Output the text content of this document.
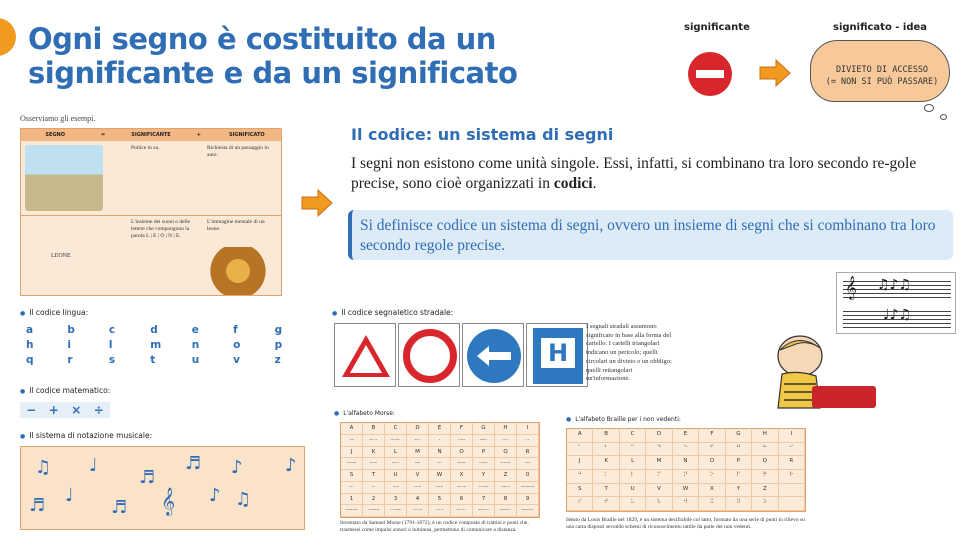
Ogni segno è costituito da un significante e da un significato
significante	significato - idea
DIVIETO DI ACCESSO
(= NON SI PUÒ PASSARE)
Osserviamo gli esempi.
SEGNO	=	SIGNIFICANTE	+	SIGNIFICATO
Pollice in su.	Richiesta di un passaggio in auto.
L'insieme dei suoni o delle lettere che compongono la parola L | E | O | N | E.
L'immagine mentale di un leone.
LEONE
Il codice: un sistema di segni

I segni non esistono come unità singole. Essi, infatti, si combinano tra loro secondo re-gole precise, sono cioè organizzati in codici.

Si definisce codice un sistema di segni, ovvero un insieme di segni che si combinano tra loro secondo regole precise.

● Il codice lingua:
a	b	c	d	e	f	g
h	i	l	m	n	o	p
q	r	s	t	u	v	z
● Il codice matematico:
− + × ÷
● Il sistema di notazione musicale:
♫ ♩
♬
♬ ♪ ♪
♬ ♩
♬ 𝄞 ♪ ♫
● Il codice segnaletico stradale:
H
I segnali stradali assumono significato in base alla forma del cartello. I cartelli triangolari indicano un pericolo; quelli circolari un divieto o un obbligo; quelli rettangolari un'informazione.
● L'alfabeto Morse:
A	B	C	D	E	F	G	H	I
·–	–···	–·–·	–··	·	··–·	––·	····	··
J	K	L	M	N	O	P	Q	R
·–––	–·–	·–··	––	–·	–––	·––·	––·–	·–·
S	T	U	V	W	X	Y	Z	0
···	–	··–	···–	·––	–··–	–·––	––··	–––––
1	2	3	4	5	6	7	8	9
·––––	··–––	···––	····–	·····	–····	––···	–––··	––––·
Inventato da Samuel Morse (1791-1872), è un codice composto di trattini e punti che, trasmessi come impulsi sonori o luminosi, permettono di comunicare a distanza.
● L'alfabeto Braille per i non vedenti:
A	B	C	D	E	F	G	H	I
⠁	⠃	⠉	⠙	⠑	⠋	⠛	⠓	⠊
J	K	L	M	N	O	P	Q	R
⠚	⠅	⠇	⠍	⠝	⠕	⠏	⠟	⠗
S	T	U	V	W	X	Y	Z
⠎	⠞	⠥	⠧	⠺	⠭	⠽	⠵
Ideato da Louis Braille nel 1829, è un sistema decifrabile col tatto, formato da una serie di punti in rilievo su una carta disposti secondo schemi di riconoscimento tattile da parte dei non vedenti.
𝄞 ♫♪♫
♩♪♫
